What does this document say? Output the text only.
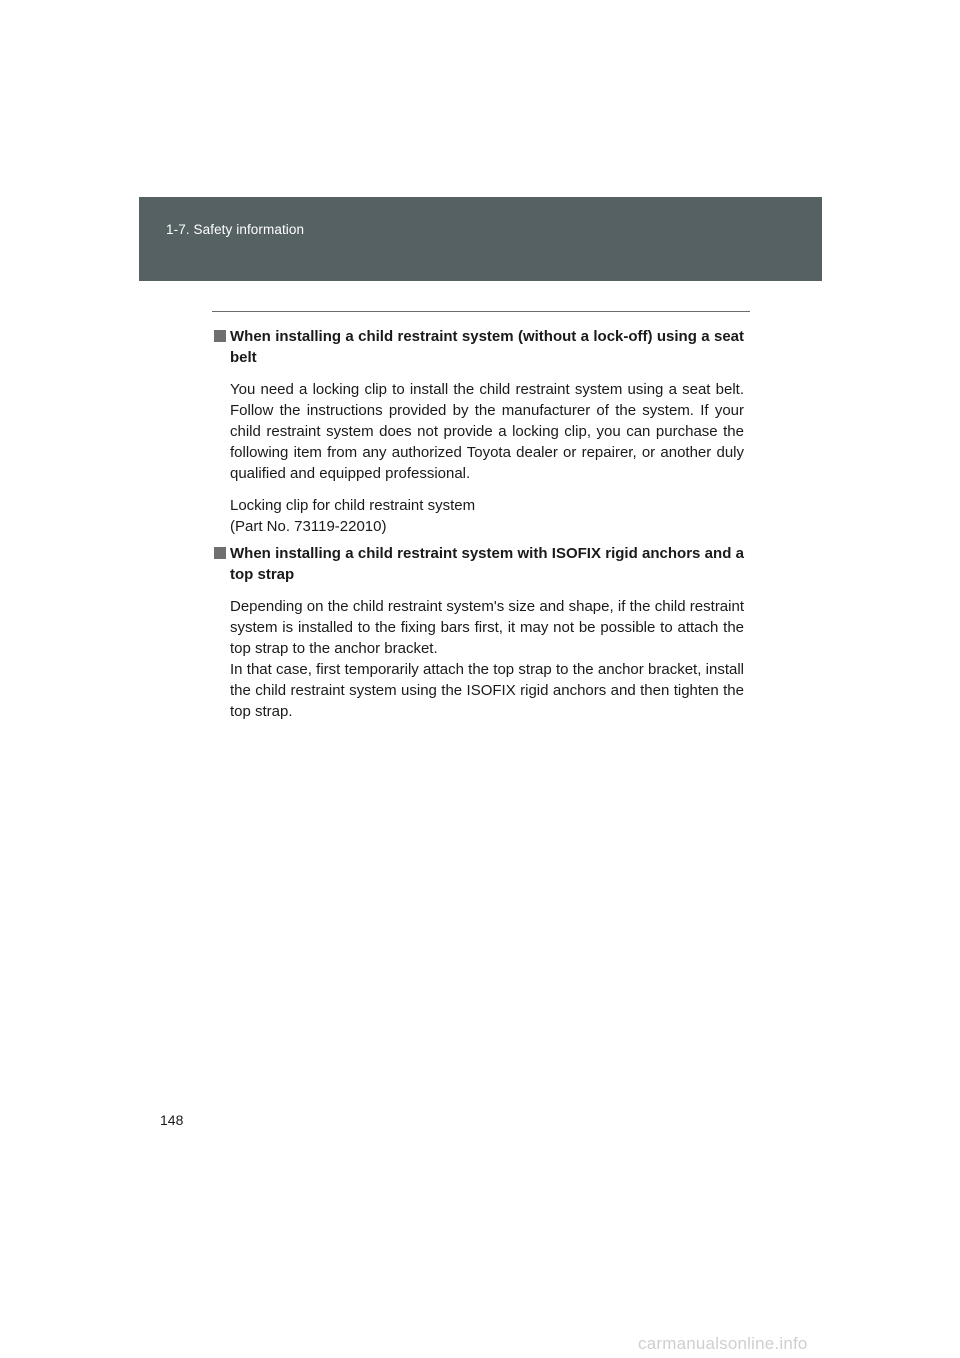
1-7. Safety information
When installing a child restraint system (without a lock-off) using a seat belt
You need a locking clip to install the child restraint system using a seat belt. Follow the instructions provided by the manufacturer of the system. If your child restraint system does not provide a locking clip, you can purchase the following item from any authorized Toyota dealer or repairer, or another duly qualified and equipped professional.
Locking clip for child restraint system
(Part No. 73119-22010)
When installing a child restraint system with ISOFIX rigid anchors and a top strap
Depending on the child restraint system's size and shape, if the child restraint system is installed to the fixing bars first, it may not be possible to attach the top strap to the anchor bracket.
In that case, first temporarily attach the top strap to the anchor bracket, install the child restraint system using the ISOFIX rigid anchors and then tighten the top strap.
148
carmanualsonline.info
